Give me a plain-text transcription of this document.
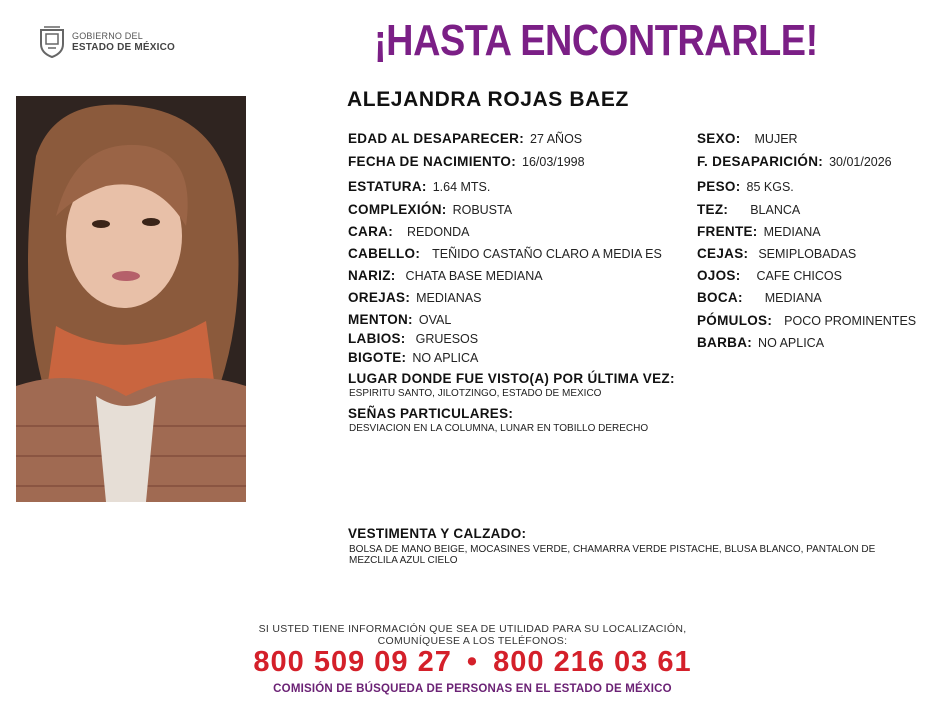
GOBIERNO DEL
ESTADO DE MÉXICO	¡HASTA ENCONTRARLE!
ALEJANDRA ROJAS BAEZ
EDAD AL DESAPARECER: 27 AÑOS
FECHA DE NACIMIENTO: 16/03/1998
ESTATURA: 1.64 MTS.
COMPLEXIÓN: ROBUSTA
CARA: REDONDA
CABELLO: TEÑIDO CASTAÑO CLARO A MEDIA ES
NARIZ: CHATA BASE MEDIANA
OREJAS: MEDIANAS
MENTON: OVAL
LABIOS: GRUESOS
BIGOTE: NO APLICA
SEXO: MUJER
F. DESAPARICIÓN: 30/01/2026
PESO: 85 KGS.
TEZ: BLANCA
FRENTE: MEDIANA
CEJAS: SEMIPLOBADAS
OJOS: CAFE CHICOS
BOCA: MEDIANA
PÓMULOS: POCO PROMINENTES
BARBA: NO APLICA
LUGAR DONDE FUE VISTO(A) POR ÚLTIMA VEZ:
ESPIRITU SANTO, JILOTZINGO, ESTADO DE MEXICO
SEÑAS PARTICULARES:
DESVIACION EN LA COLUMNA, LUNAR EN TOBILLO DERECHO
VESTIMENTA Y CALZADO:
BOLSA DE MANO BEIGE, MOCASINES VERDE, CHAMARRA VERDE PISTACHE, BLUSA BLANCO, PANTALON DE
MEZCLILA AZUL CIELO
SI USTED TIENE INFORMACIÓN QUE SEA DE UTILIDAD PARA SU LOCALIZACIÓN,
COMUNÍQUESE A LOS TELÉFONOS:
800 509 09 27 • 800 216 03 61
COMISIÓN DE BÚSQUEDA DE PERSONAS EN EL ESTADO DE MÉXICO
